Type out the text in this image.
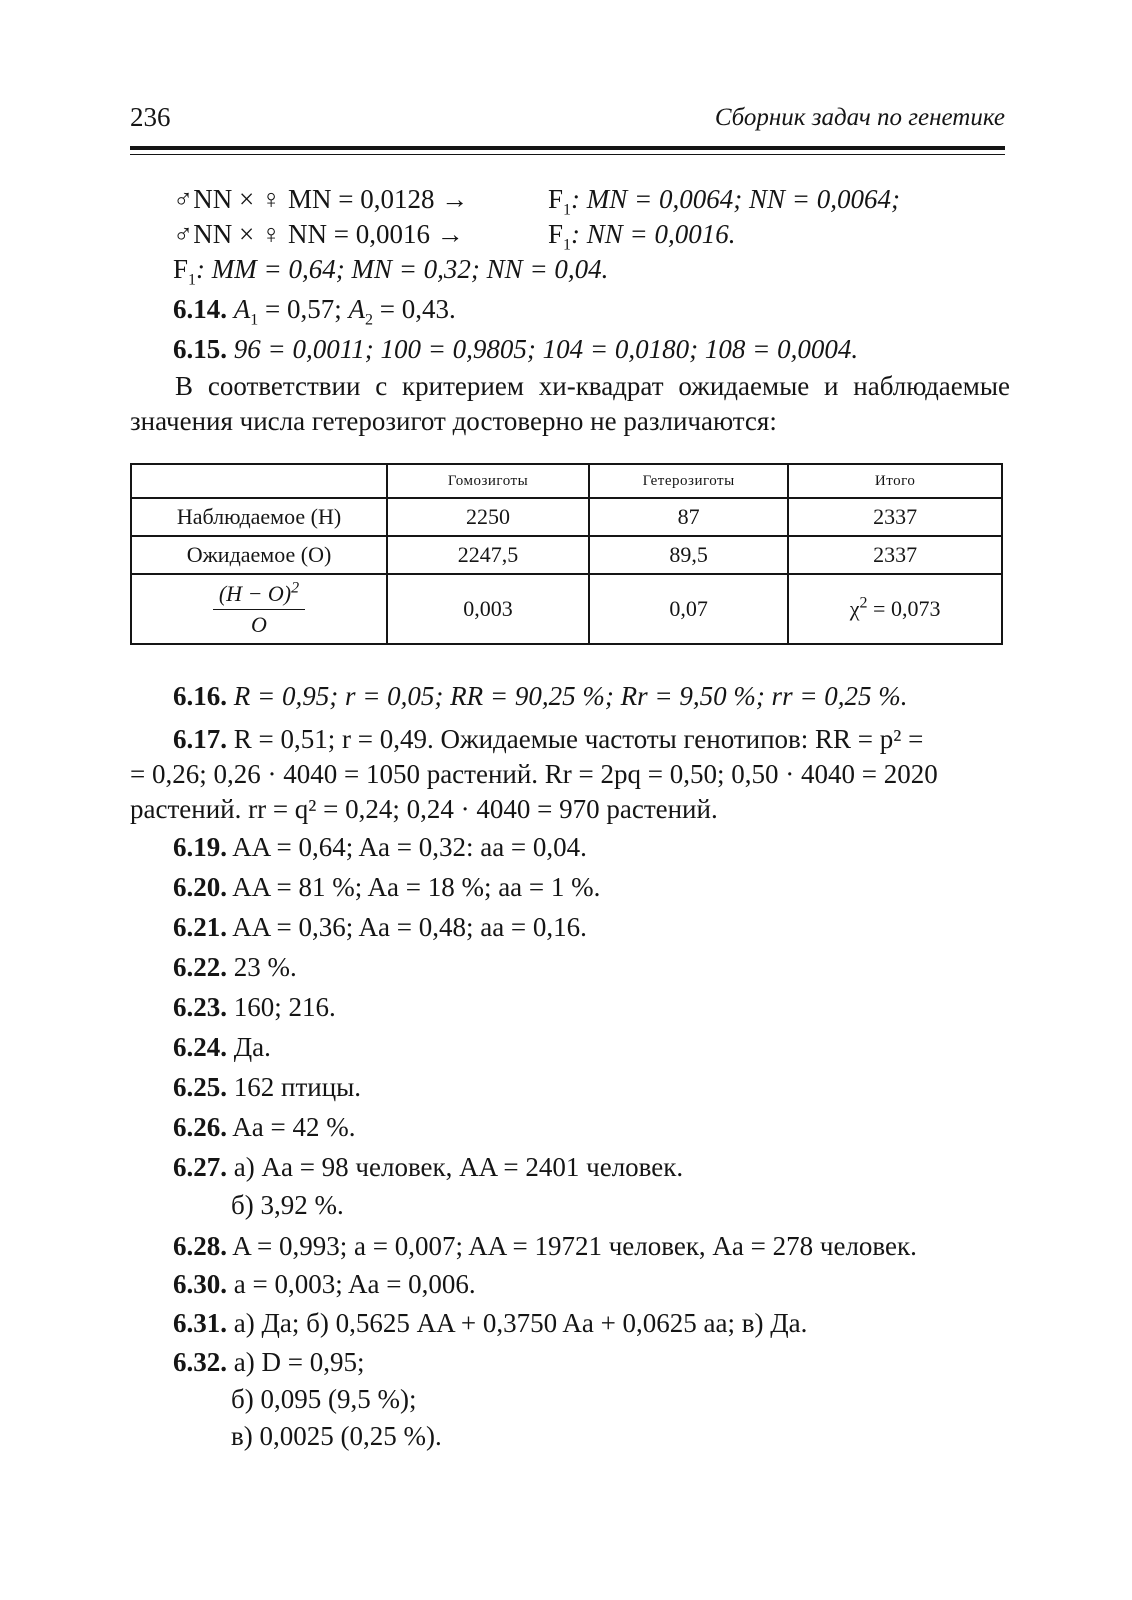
236	Сборник задач по генетике
♂NN × ♀ MN = 0,0128 →	$F_1$: MN = 0,0064; NN = 0,0064;
♂NN × ♀ NN = 0,0016 →	$F_1$: NN = 0,0016.
$F_1$: MM = 0,64; MN = 0,32; NN = 0,04.
6.14. $A_1 = 0,57$; $A_2 = 0,43$.
6.15. 96 = 0,0011; 100 = 0,9805; 104 = 0,0180; 108 = 0,0004.
В соответствии с критерием хи-квадрат ожидаемые и наблюдаемые значения числа гетерозигот достоверно не различаются:
	Гомозиготы	Гетерозиготы	Итого
Наблюдаемое (Н)	2250	87	2337
Ожидаемое (О)	2247,5	89,5	2337

$\frac{(H - O)^2}{O}$	0,003	0,07	$\chi^2 = 0,073$
6.16. R = 0,95; r = 0,05; RR = 90,25 %; Rr = 9,50 %; rr = 0,25 %.
6.17. R = 0,51; r = 0,49. Ожидаемые частоты генотипов: RR = p² =
= 0,26; 0,26 · 4040 = 1050 растений. Rr = 2pq = 0,50; 0,50 · 4040 = 2020
растений. rr = q² = 0,24; 0,24 · 4040 = 970 растений.
6.19. AA = 0,64; Aa = 0,32: aa = 0,04.
6.20. AA = 81 %; Aa = 18 %; aa = 1 %.
6.21. AA = 0,36; Aa = 0,48; aa = 0,16.
6.22. 23 %.
6.23. 160; 216.
6.24. Да.
6.25. 162 птицы.
6.26. Aa = 42 %.
6.27. а) Aa = 98 человек, AA = 2401 человек.
б) 3,92 %.
6.28. A = 0,993; a = 0,007; AA = 19721 человек, Aa = 278 человек.
6.30. a = 0,003; Aa = 0,006.
6.31. а) Да; б) 0,5625 AA + 0,3750 Aa + 0,0625 aa; в) Да.
6.32. а) D = 0,95;
б) 0,095 (9,5 %);
в) 0,0025 (0,25 %).
